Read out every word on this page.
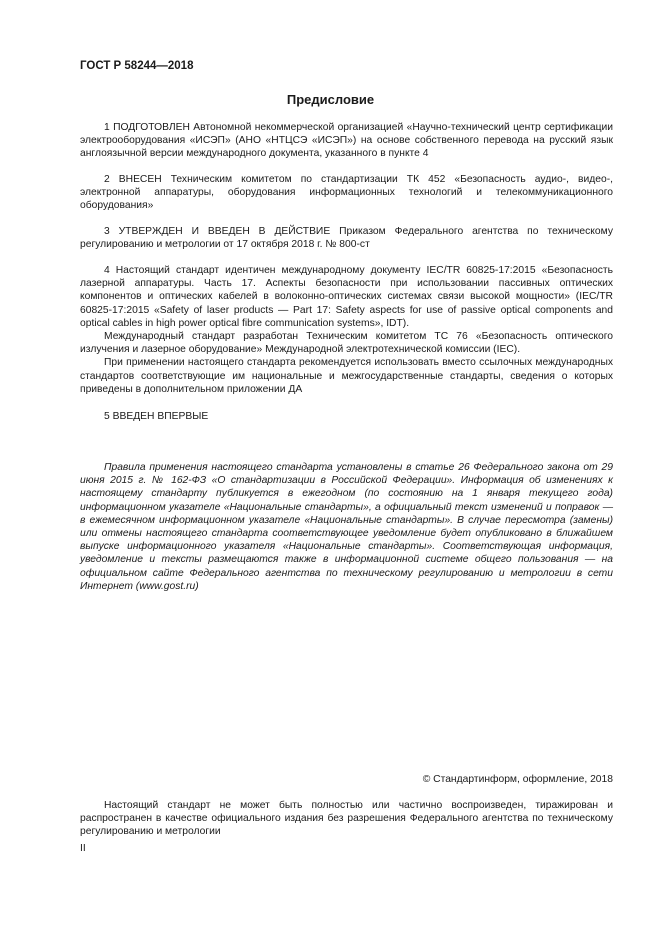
ГОСТ Р 58244—2018
Предисловие

1 ПОДГОТОВЛЕН Автономной некоммерческой организацией «Научно-технический центр сертификации электрооборудования «ИСЭП» (АНО «НТЦСЭ «ИСЭП») на основе собственного перевода на русский язык англоязычной версии международного документа, указанного в пункте 4

2 ВНЕСЕН Техническим комитетом по стандартизации ТК 452 «Безопасность аудио-, видео-, электронной аппаратуры, оборудования информационных технологий и телекоммуникационного оборудования»

3 УТВЕРЖДЕН И ВВЕДЕН В ДЕЙСТВИЕ Приказом Федерального агентства по техническому регулированию и метрологии от 17 октября 2018 г. № 800-ст

4 Настоящий стандарт идентичен международному документу IEC/TR 60825-17:2015 «Безопасность лазерной аппаратуры. Часть 17. Аспекты безопасности при использовании пассивных оптических компонентов и оптических кабелей в волоконно-оптических системах связи высокой мощности» (IEC/TR 60825-17:2015 «Safety of laser products — Part 17: Safety aspects for use of passive optical components and optical cables in high power optical fibre communication systems», IDT).

Международный стандарт разработан Техническим комитетом ТС 76 «Безопасность оптического излучения и лазерное оборудование» Международной электротехнической комиссии (IEC).

При применении настоящего стандарта рекомендуется использовать вместо ссылочных международных стандартов соответствующие им национальные и межгосударственные стандарты, сведения о которых приведены в дополнительном приложении ДА

5 ВВЕДЕН ВПЕРВЫЕ

Правила применения настоящего стандарта установлены в статье 26 Федерального закона от 29 июня 2015 г. № 162-ФЗ «О стандартизации в Российской Федерации». Информация об изменениях к настоящему стандарту публикуется в ежегодном (по состоянию на 1 января текущего года) информационном указателе «Национальные стандарты», а официальный текст изменений и поправок — в ежемесячном информационном указателе «Национальные стандарты». В случае пересмотра (замены) или отмены настоящего стандарта соответствующее уведомление будет опубликовано в ближайшем выпуске информационного указателя «Национальные стандарты». Соответствующая информация, уведомление и тексты размещаются также в информационной системе общего пользования — на официальном сайте Федерального агентства по техническому регулированию и метрологии в сети Интернет (www.gost.ru)

© Стандартинформ, оформление, 2018

Настоящий стандарт не может быть полностью или частично воспроизведен, тиражирован и распространен в качестве официального издания без разрешения Федерального агентства по техническому регулированию и метрологии

II
